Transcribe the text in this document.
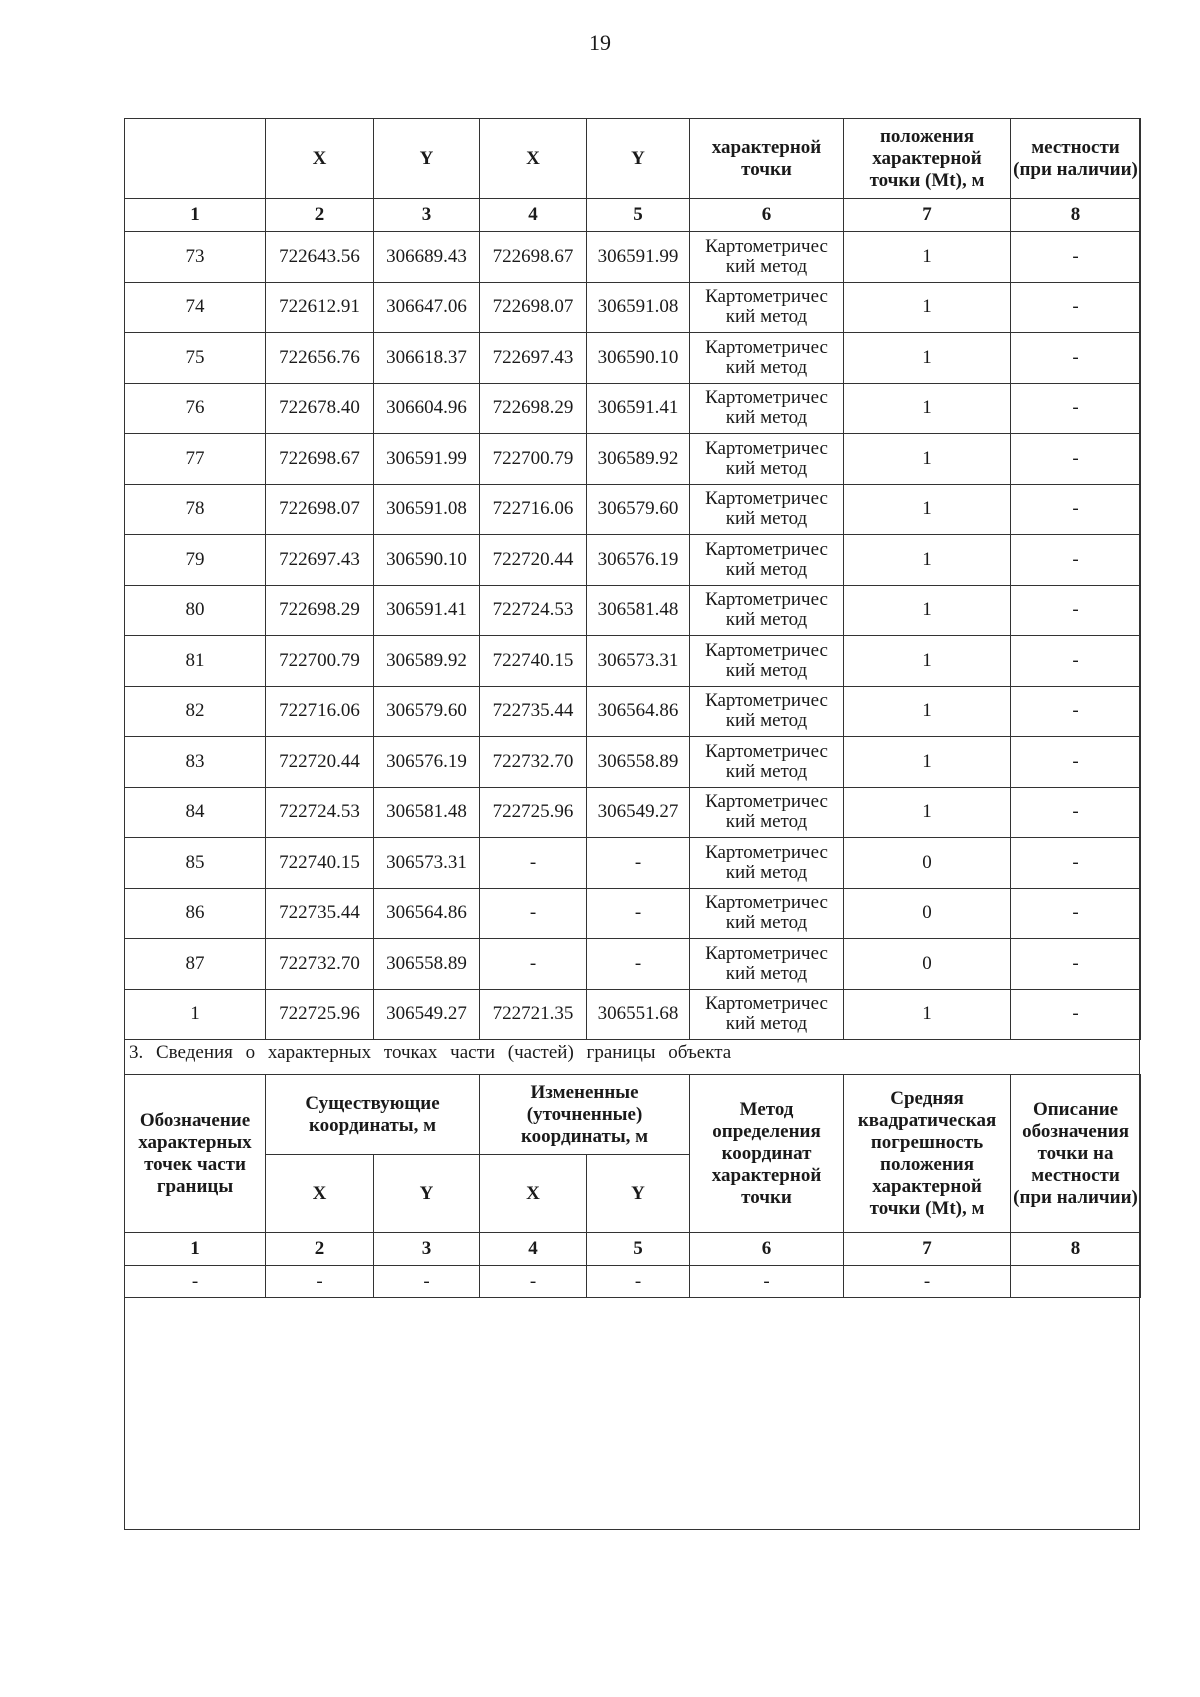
19
	X	Y	X	Y	характерной точки	положения характерной точки (Mt), м	местности (при наличии)
1	2	3	4	5	6	7	8
73	722643.56	306689.43	722698.67	306591.99	Картометричес кий метод	1	-
74	722612.91	306647.06	722698.07	306591.08	Картометричес кий метод	1	-
75	722656.76	306618.37	722697.43	306590.10	Картометричес кий метод	1	-
76	722678.40	306604.96	722698.29	306591.41	Картометричес кий метод	1	-
77	722698.67	306591.99	722700.79	306589.92	Картометричес кий метод	1	-
78	722698.07	306591.08	722716.06	306579.60	Картометричес кий метод	1	-
79	722697.43	306590.10	722720.44	306576.19	Картометричес кий метод	1	-
80	722698.29	306591.41	722724.53	306581.48	Картометричес кий метод	1	-
81	722700.79	306589.92	722740.15	306573.31	Картометричес кий метод	1	-
82	722716.06	306579.60	722735.44	306564.86	Картометричес кий метод	1	-
83	722720.44	306576.19	722732.70	306558.89	Картометричес кий метод	1	-
84	722724.53	306581.48	722725.96	306549.27	Картометричес кий метод	1	-
85	722740.15	306573.31	-	-	Картометричес кий метод	0	-
86	722735.44	306564.86	-	-	Картометричес кий метод	0	-
87	722732.70	306558.89	-	-	Картометричес кий метод	0	-
1	722725.96	306549.27	722721.35	306551.68	Картометричес кий метод	1	-
3. Сведения о характерных точках части (частей) границы объекта
Обозначение характерных точек части границы	Существующие координаты, м		Измененные (уточненные) координаты, м		Метод определения координат характерной точки	Средняя квадратическая погрешность положения характерной точки (Mt), м	Описание обозначения точки на местности (при наличии)
	X	Y	X	Y			
1	2	3	4	5	6	7	8
-	-	-	-	-	-	-	
